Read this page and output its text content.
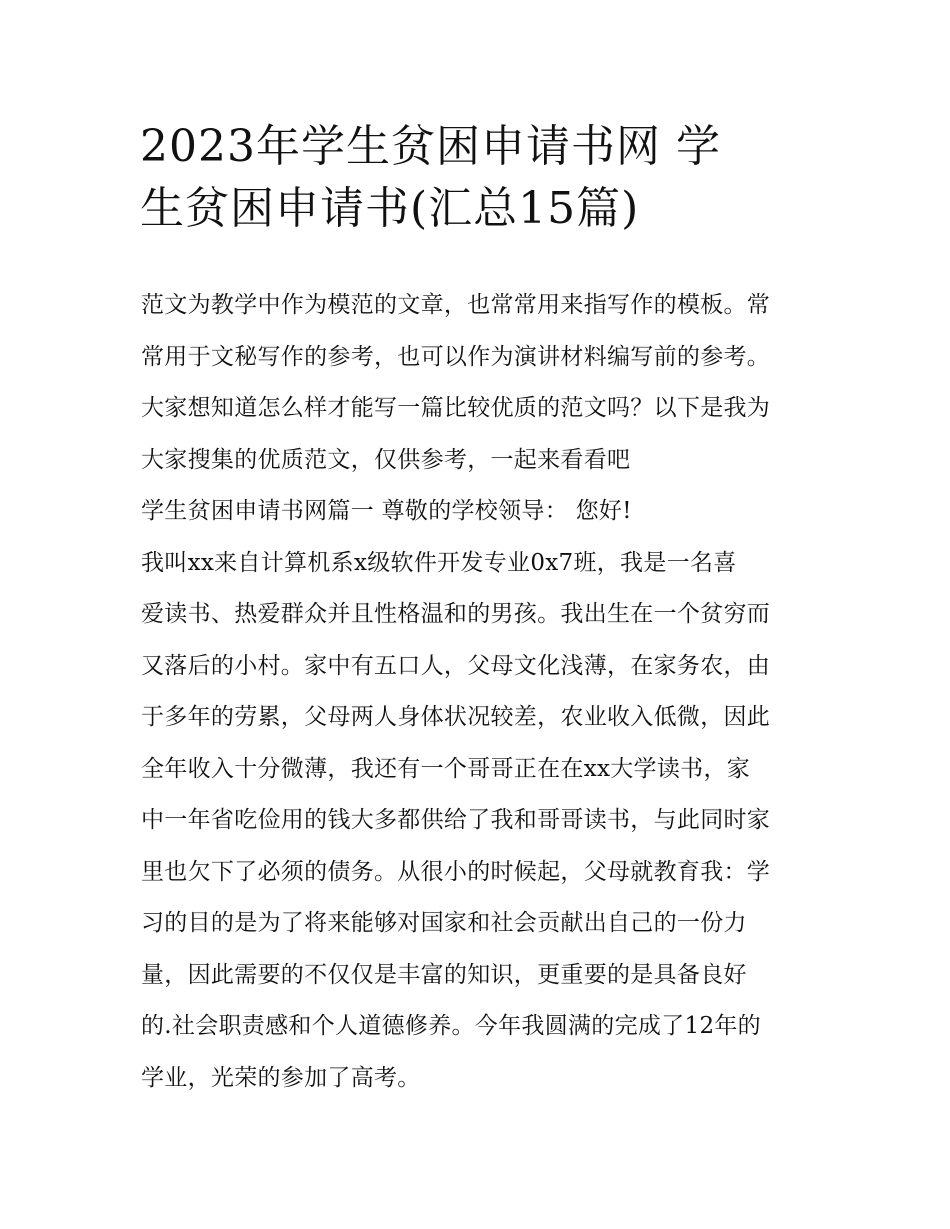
2023年学生贫困申请书网 学
生贫困申请书(汇总15篇)
范文为教学中作为模范的文章，也常常用来指写作的模板。常
常用于文秘写作的参考，也可以作为演讲材料编写前的参考。
大家想知道怎么样才能写一篇比较优质的范文吗？以下是我为
大家搜集的优质范文，仅供参考，一起来看看吧
学生贫困申请书网篇一 尊敬的学校领导： 您好!
我叫xx来自计算机系x级软件开发专业0x7班，我是一名喜
爱读书、热爱群众并且性格温和的男孩。我出生在一个贫穷而
又落后的小村。家中有五口人，父母文化浅薄，在家务农，由
于多年的劳累，父母两人身体状况较差，农业收入低微，因此
全年收入十分微薄，我还有一个哥哥正在在xx大学读书，家
中一年省吃俭用的钱大多都供给了我和哥哥读书，与此同时家
里也欠下了必须的债务。从很小的时候起，父母就教育我：学
习的目的是为了将来能够对国家和社会贡献出自己的一份力
量，因此需要的不仅仅是丰富的知识，更重要的是具备良好
的.社会职责感和个人道德修养。今年我圆满的完成了12年的
学业，光荣的参加了高考。
